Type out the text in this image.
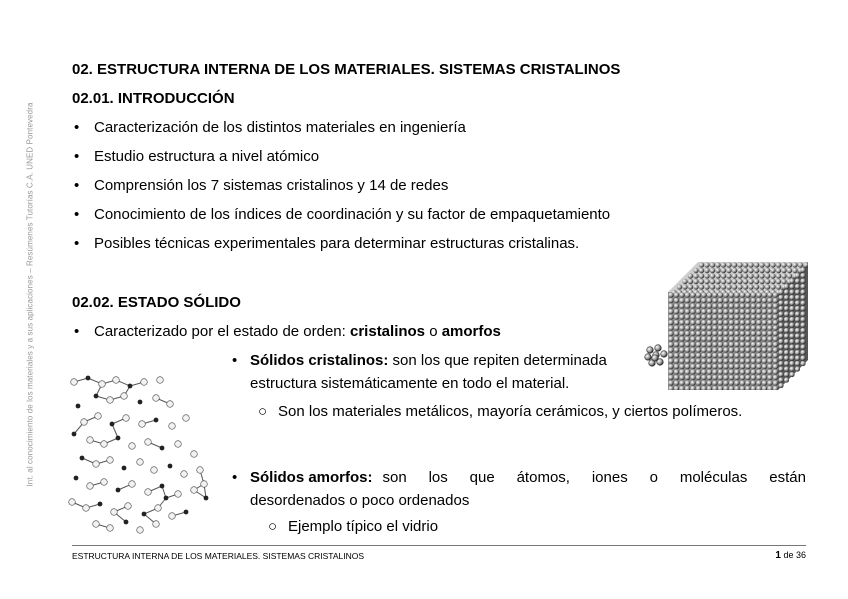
Int. al conocimiento de los materiales y a sus aplicaciones – Resúmenes Tutorías C.A. UNED Pontevedra
02. ESTRUCTURA INTERNA DE LOS MATERIALES. SISTEMAS CRISTALINOS
02.01. INTRODUCCIÓN
• Caracterización de los distintos materiales en ingeniería
• Estudio estructura a nivel atómico
• Comprensión los 7 sistemas cristalinos y 14 de redes
• Conocimiento de los índices de coordinación y su factor de empaquetamiento
• Posibles técnicas experimentales para determinar estructuras cristalinas.
02.02. ESTADO SÓLIDO
• Caracterizado por el estado de orden: cristalinos o amorfos
• Sólidos cristalinos: son los que repiten determinada
estructura sistemáticamente en todo el material.
○ Son los materiales metálicos, mayoría cerámicos, y ciertos polímeros.
• Sólidos amorfos: son los que átomos, iones o moléculas están
desordenados o poco ordenados
○ Ejemplo típico el vidrio
ESTRUCTURA INTERNA DE LOS MATERIALES. SISTEMAS CRISTALINOS	1 de 36
